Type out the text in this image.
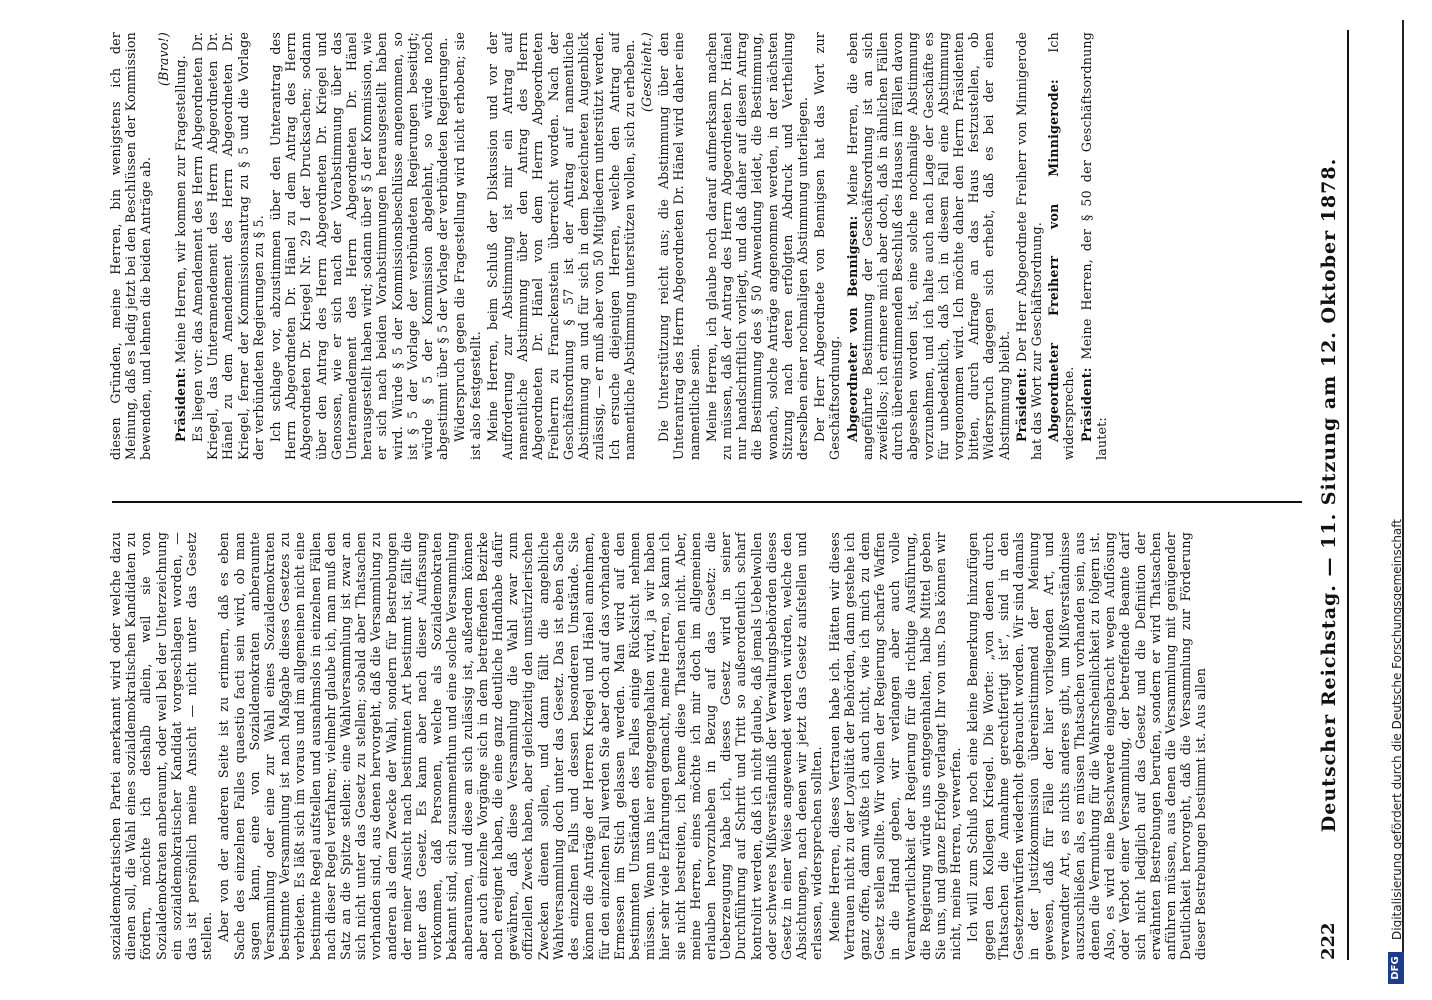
222
Deutscher Reichstag. — 11. Sitzung am 12. Oktober 1878.

sozialdemokratischen Partei anerkannt wird oder welche dazu dienen soll, die Wahl eines sozialdemokratischen Kandidaten zu fördern, möchte ich deshalb allein, weil sie von Sozialdemokraten anberaumt, oder weil bei der Unterzeichnung ein sozialdemokratischer Kandidat vorgeschlagen worden, — das ist persönlich meine Ansicht — nicht unter das Gesetz stellen. Aber von der anderen Seite ist zu erinnern, daß es eben Sache des einzelnen Falles quaestio facti sein wird, ob man sagen kann, eine von Sozialdemokraten anberaumte Versammlung oder eine zur Wahl eines Sozialdemokraten bestimmte Versammlung ist nach Maßgabe dieses Gesetzes zu verbieten. Es läßt sich im voraus und im allgemeinen nicht eine bestimmte Regel aufstellen und ausnahmslos in einzelnen Fällen nach dieser Regel verfahren; vielmehr glaube ich, man muß den Satz an die Spitze stellen: eine Wahlversammlung ist zwar an sich nicht unter das Gesetz zu stellen; sobald aber Thatsachen vorhanden sind, aus denen hervorgeht, daß die Versammlung zu anderen als dem Zwecke der Wahl, sondern für Bestrebungen der meiner Ansicht nach bestimmten Art bestimmt ist, fällt die unter das Gesetz. Es kann aber nach dieser Auffassung vorkommen, daß Personen, welche als Sozialdemokraten bekannt sind, sich zusammenthun und eine solche Versammlung anberaumen, und diese an sich zulässig ist, außerdem können aber auch einzelne Vorgänge sich in dem betreffenden Bezirke noch ereignet haben, die eine ganz deutliche Handhabe dafür gewähren, daß diese Versammlung die Wahl zwar zum offiziellen Zweck haben, aber gleichzeitig den umstürzlerischen Zwecken dienen sollen, und dann fällt die angebliche Wahlversammlung doch unter das Gesetz. Das ist eben Sache des einzelnen Falls und dessen besonderen Umstände. Sie können die Anträge der Herren Kriegel und Hänel annehmen, für den einzelnen Fall werden Sie aber doch auf das vorhandene Ermessen im Stich gelassen werden. Man wird auf den bestimmten Umständen des Falles einige Rücksicht nehmen müssen. Wenn uns hier entgegengehalten wird, ja wir haben hier sehr viele Erfahrungen gemacht, meine Herren, so kann ich sie nicht bestreiten, ich kenne diese Thatsachen nicht. Aber, meine Herren, eines möchte ich mir doch im allgemeinen erlauben hervorzuheben in Bezug auf das Gesetz: die Ueberzeugung habe ich, dieses Gesetz wird in seiner Durchführung auf Schritt und Tritt so außerordentlich scharf kontrolirt werden, daß ich nicht glaube, daß jemals Uebelwollen oder schweres Mißverständniß der Verwaltungsbehörden dieses Gesetz in einer Weise angewendet werden würden, welche den Absichtungen, nach denen wir jetzt das Gesetz aufstellen und erlassen, widersprechen sollten. Meine Herren, dieses Vertrauen habe ich. Hätten wir dieses Vertrauen nicht zu der Loyalität der Behörden, dann gestehe ich ganz offen, dann wüßte ich auch nicht, wie ich mich zu dem Gesetz stellen sollte. Wir wollen der Regierung scharfe Waffen in die Hand geben, wir verlangen aber auch volle Verantwortlichkeit der Regierung für die richtige Ausführung, die Regierung würde uns entgegenhalten, halbe Mittel geben Sie uns, und ganze Erfolge verlangt Ihr von uns. Das können wir nicht, meine Herren, verwerfen. Ich will zum Schluß noch eine kleine Bemerkung hinzufügen gegen den Kollegen Kriegel. Die Worte: „von denen durch Thatsachen die Annahme gerechtfertigt ist“, sind in den Gesetzentwürfen wiederholt gebraucht worden. Wir sind damals in der Justizkommission übereinstimmend der Meinung gewesen, daß für Fälle der hier vorliegenden Art, und verwandter Art, es nichts anderes gibt, um Mißverständnisse auszuschließen als, es müssen Thatsachen vorhanden sein, aus denen die Vermuthung für die Wahrscheinlichkeit zu folgern ist. Also, es wird eine Beschwerde eingebracht wegen Auflösung oder Verbot einer Versammlung, der betreffende Beamte darf sich nicht lediglich auf das Gesetz und die Definition der erwähnten Bestrebungen berufen, sondern er wird Thatsachen anführen müssen, aus denen die Versammlung mit genügender Deutlichkeit hervorgeht, daß die Versammlung zur Förderung dieser Bestrebungen bestimmt ist. Aus allen

diesen Gründen, meine Herren, bin wenigstens ich der Meinung, daß es ledig jetzt bei den Beschlüssen der Kommission bewenden, und lehnen die beiden Anträge ab.

(Bravo!)

Präsident: Meine Herren, wir kommen zur Fragestellung. Es liegen vor: das Amendement des Herrn Abgeordneten Dr. Kriegel, das Unteramendement des Herrn Abgeordneten Dr. Hänel zu dem Amendement des Herrn Abgeordneten Dr. Kriegel, ferner der Kommissionsantrag zu § 5 und die Vorlage der verbündeten Regierungen zu § 5. Ich schlage vor, abzustimmen über den Unterantrag des Herrn Abgeordneten Dr. Hänel zu dem Antrag des Herrn Abgeordneten Dr. Kriegel Nr. 29 I der Drucksachen; sodann über den Antrag des Herrn Abgeordneten Dr. Kriegel und Genossen, wie er sich nach der Vorabstimmung über das Unteramendement des Herrn Abgeordneten Dr. Hänel herausgestellt haben wird; sodann über § 5 der Kommission, wie er sich nach beiden Vorabstimmungen herausgestellt haben wird. Würde § 5 der Kommissionsbeschlüsse angenommen, so ist § 5 der Vorlage der verbündeten Regierungen beseitigt; würde § 5 der Kommission abgelehnt, so würde noch abgestimmt über § 5 der Vorlage der verbündeten Regierungen. Widerspruch gegen die Fragestellung wird nicht erhoben; sie ist also festgestellt. Meine Herren, beim Schluß der Diskussion und vor der Aufforderung zur Abstimmung ist mir ein Antrag auf namentliche Abstimmung über den Antrag des Herrn Abgeordneten Dr. Hänel von dem Herrn Abgeordneten Freiherrn zu Franckenstein überreicht worden. Nach der Geschäftsordnung § 57 ist der Antrag auf namentliche Abstimmung an und für sich in dem bezeichneten Augenblick zulässig, — er muß aber von 50 Mitgliedern unterstützt werden. Ich ersuche diejenigen Herren, welche den Antrag auf namentliche Abstimmung unterstützen wollen, sich zu erheben. (Geschieht.) Die Unterstützung reicht aus; die Abstimmung über den Unterantrag des Herrn Abgeordneten Dr. Hänel wird daher eine namentliche sein. Meine Herren, ich glaube noch darauf aufmerksam machen zu müssen, daß der Antrag des Herrn Abgeordneten Dr. Hänel nur handschriftlich vorliegt, und daß daher auf diesen Antrag die Bestimmung des § 50 Anwendung leidet, die Bestimmung, wonach, solche Anträge angenommen werden, in der nächsten Sitzung nach deren erfolgten Abdruck und Vertheilung derselben einer nochmaligen Abstimmung unterliegen. Der Herr Abgeordnete von Bennigsen hat das Wort zur Geschäftsordnung. Abgeordneter von Bennigsen: Meine Herren, die eben angeführte Bestimmung der Geschäftsordnung ist an sich zweifellos; ich erinnere mich aber doch, daß in ähnlichen Fällen durch übereinstimmenden Beschluß des Hauses im Fällen davon abgesehen worden ist, eine solche nochmalige Abstimmung vorzunehmen, und ich halte auch nach Lage der Geschäfte es für unbedenklich, daß ich in diesem Fall eine Abstimmung vorgenommen wird. Ich möchte daher den Herrn Präsidenten bitten, durch Anfrage an das Haus festzustellen, ob Widerspruch dagegen sich erhebt, daß es bei der einen Abstimmung bleibt. Präsident: Der Herr Abgeordnete Freiherr von Minnigerode hat das Wort zur Geschäftsordnung. Abgeordneter Freiherr von Minnigerode: Ich widerspreche. Präsident: Meine Herren, der § 50 der Geschäftsordnung lautet:

DFG
Digitalisierung gefördert durch die Deutsche Forschungsgemeinschaft
